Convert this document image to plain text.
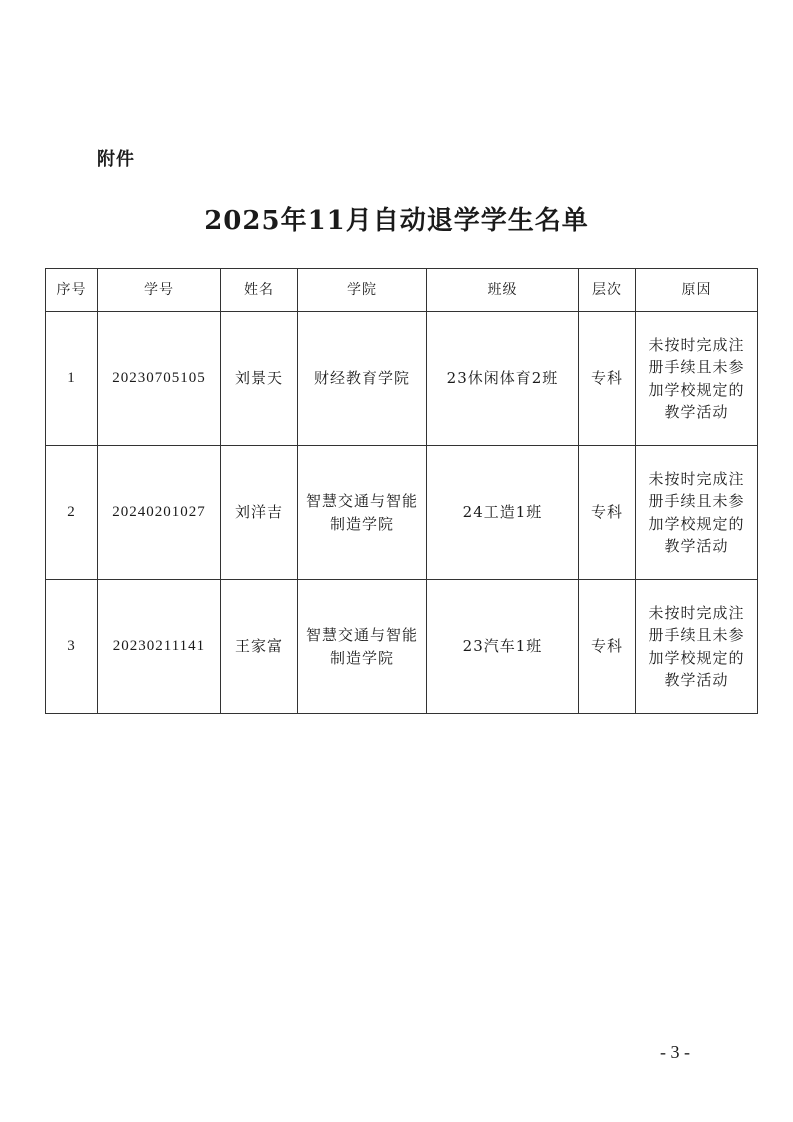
附件
2025年11月自动退学学生名单
序号	学号	姓名	学院	班级	层次	原因
1	20230705105	刘景天	财经教育学院	23休闲体育2班	专科	未按时完成注册手续且未参加学校规定的教学活动
2	20240201027	刘洋吉	智慧交通与智能制造学院	24工造1班	专科	未按时完成注册手续且未参加学校规定的教学活动
3	20230211141	王家富	智慧交通与智能制造学院	23汽车1班	专科	未按时完成注册手续且未参加学校规定的教学活动
- 3 -
